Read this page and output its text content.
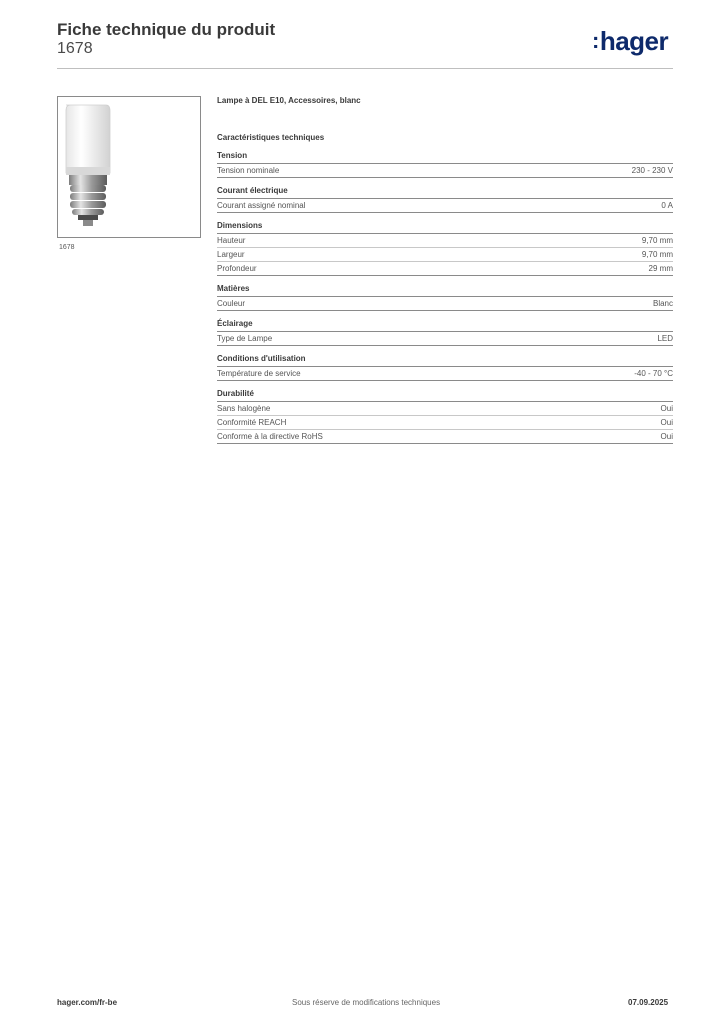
Fiche technique du produit
1678	:hager
1678
Lampe à DEL E10, Accessoires, blanc
Caractéristiques techniques
Tension
Tension nominale	230 - 230 V
Courant électrique
Courant assigné nominal	0 A
Dimensions
Hauteur	9,70 mm
Largeur	9,70 mm
Profondeur	29 mm
Matières
Couleur	Blanc
Éclairage
Type de Lampe	LED
Conditions d'utilisation
Température de service	-40 - 70 °C
Durabilité
Sans halogène	Oui
Conformité REACH	Oui
Conforme à la directive RoHS	Oui
hager.com/fr-be	Sous réserve de modifications techniques	07.09.2025
